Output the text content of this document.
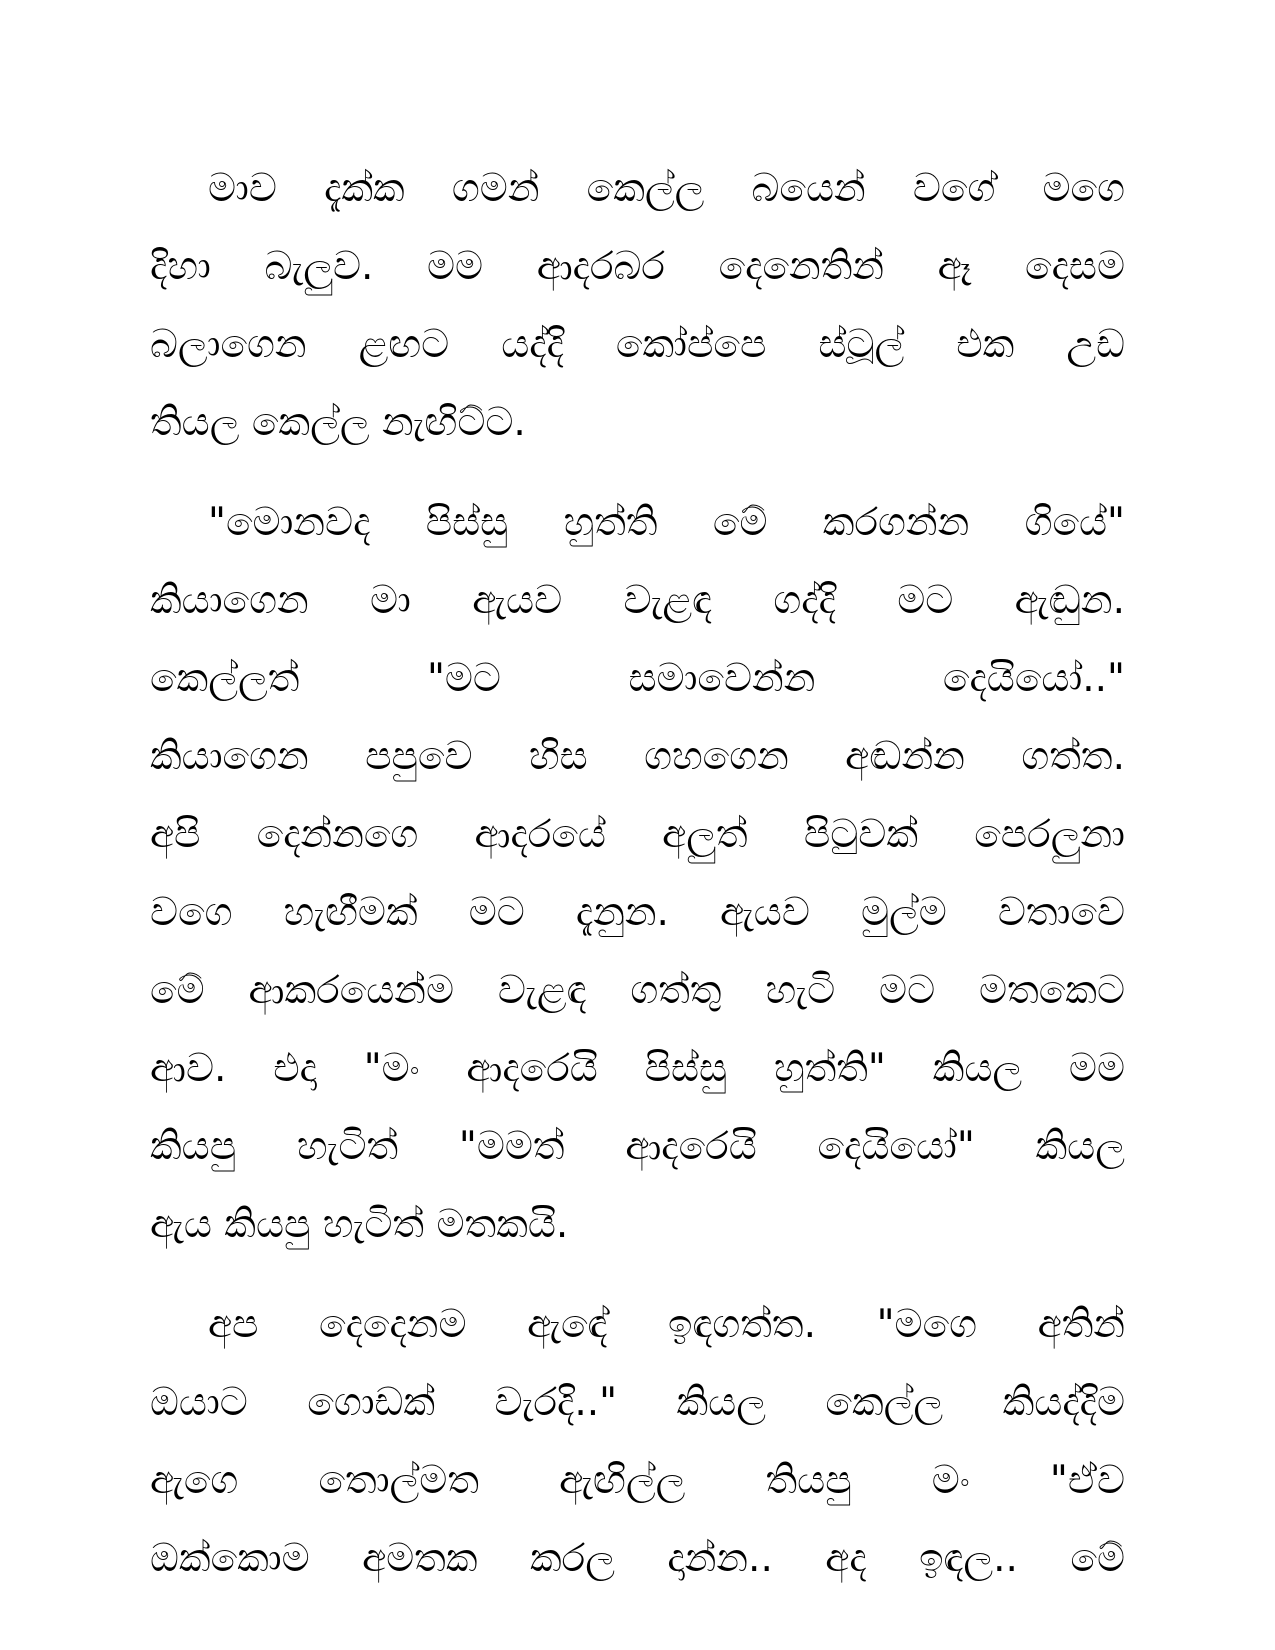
මාව දැක්ක ගමන් කෙල්ල බයෙන් වගේ මගෙ
දිහා බැලුව. මම ආදරබර දෙනෙතින් ඈ දෙසම
බලාගෙන ළඟට යද්දි කෝප්පෙ ස්ටූල් එක උඩ
තියල කෙල්ල නැඟිට්ට.
"මොනවද පිස්සු හුත්ති මේ කරගන්න ගියේ"
කියාගෙන මා ඇයව වැළඳ ගද්දි මට ඇඬුන.
කෙල්ලත් "මට සමාවෙන්න දෙයියෝ.."
කියාගෙන පපුවෙ හිස ගහගෙන අඬන්න ගත්ත.
අපි දෙන්නගෙ ආදරයේ අලුත් පිටුවක් පෙරලුනා
වගෙ හැඟීමක් මට දැනුන. ඇයව මුල්ම වතාවෙ
මේ ආකරයෙන්ම වැළඳ ගත්තු හැටි මට මතකෙට
ආව. එදා "මං ආදරෙයි පිස්සු හුත්ති" කියල මම
කියපු හැටිත් "මමත් ආදරෙයි දෙයියෝ" කියල
ඇය කියපු හැටිත් මතකයි.
අප දෙදෙනම ඇඳේ ඉඳගත්ත. "මගෙ අතින්
ඔයාට ගොඩක් වැරදි.." කියල කෙල්ල කියද්දිම
ඇගෙ තොල්මත ඇඟිල්ල තියපු මං "ඒව
ඔක්කොම අමතක කරල දාන්න.. අද ඉඳල.. මේ
